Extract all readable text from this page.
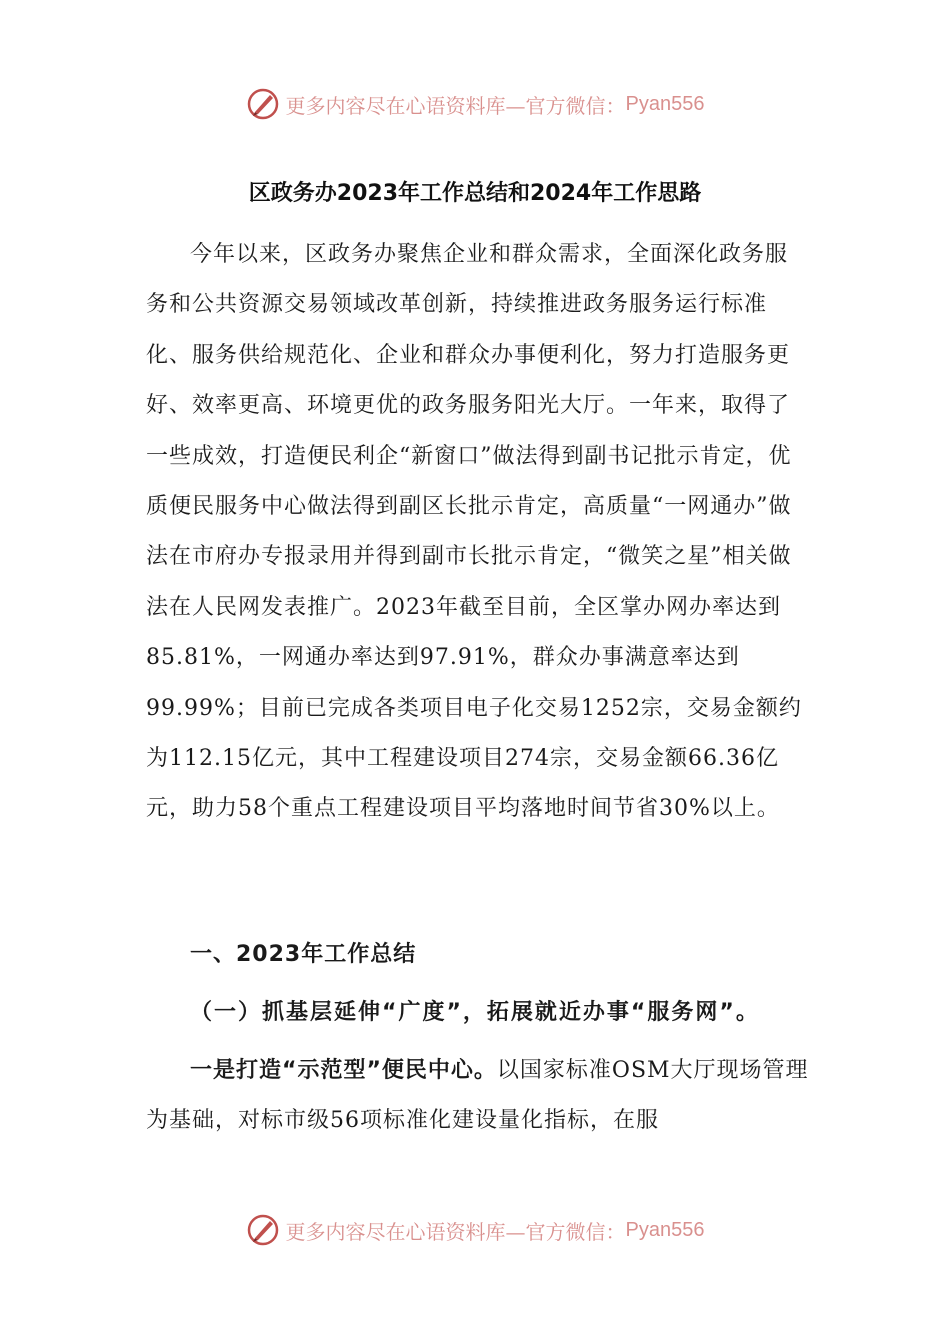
更多内容尽在心语资料库—官方微信： Pyan556
区政务办2023年工作总结和2024年工作思路
今年以来，区政务办聚焦企业和群众需求，全面深化政务服务和公共资源交易领域改革创新，持续推进政务服务运行标准化、服务供给规范化、企业和群众办事便利化，努力打造服务更好、效率更高、环境更优的政务服务阳光大厅。一年来，取得了一些成效，打造便民利企“新窗口”做法得到副书记批示肯定，优质便民服务中心做法得到副区长批示肯定，高质量“一网通办”做法在市府办专报录用并得到副市长批示肯定，“微笑之星”相关做法在人民网发表推广。2023年截至目前，全区掌办网办率达到85.81%，一网通办率达到97.91%，群众办事满意率达到99.99%；目前已完成各类项目电子化交易1252宗，交易金额约为112.15亿元，其中工程建设项目274宗，交易金额66.36亿元，助力58个重点工程建设项目平均落地时间节省30%以上。
一、2023年工作总结
（一）抓基层延伸“广度”，拓展就近办事“服务网”。
一是打造“示范型”便民中心。以国家标准OSM大厅现场管理为基础，对标市级56项标准化建设量化指标，在服
更多内容尽在心语资料库—官方微信： Pyan556
